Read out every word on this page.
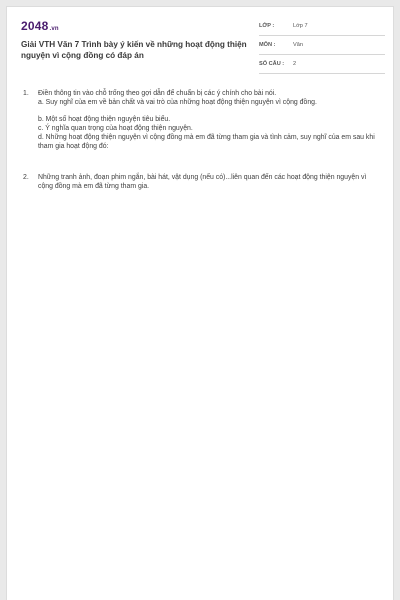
2048.vn
Giải VTH Văn 7 Trình bày ý kiến về những hoạt động thiện nguyện vì cộng đồng có đáp án
LỚP :	Lớp 7
MÔN :	Văn
SỐ CÂU : 2
1. Điền thông tin vào chỗ trống theo gợi dẫn để chuẩn bị các ý chính cho bài nói.

a. Suy nghĩ của em về bản chất và vai trò của những hoạt động thiện nguyện vì cộng đồng.

b. Một số hoạt động thiện nguyện tiêu biểu.

c. Ý nghĩa quan trọng của hoạt động thiện nguyện.

d. Những hoạt động thiện nguyện vì cộng đồng mà em đã từng tham gia và tình cảm, suy nghĩ của em sau khi tham gia hoạt động đó:

2. Những tranh ảnh, đoạn phim ngắn, bài hát, vật dụng (nếu có)...liên quan đến các hoạt động thiện nguyện vì cộng đồng mà em đã từng tham gia.
